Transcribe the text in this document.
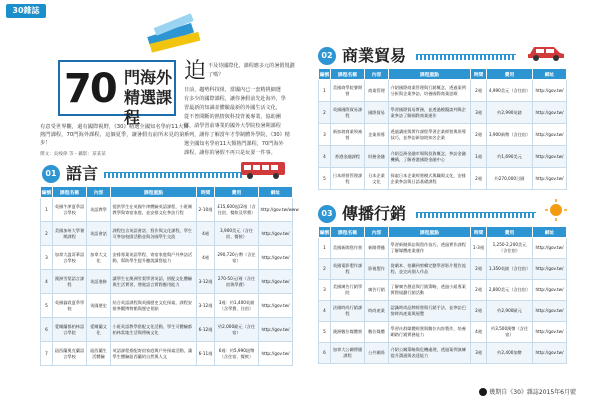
30雜誌
70 門海外
精選課程
有意受世界觀，還有國際視野，《30》精選全國知名學府11大類熱門課程，70門海外課程，這個夏季，讓暑假有前所未見的第一步！
撰文：吳峻偉 等・攝影：某某某
迫 不及待國際化，課程應多元的暑假規劃
了嗎？
日前，趨勢科技組，當國內已一套精挑細選
有多少的國際課程，讓你暑假前先赴海外，學
習最新的知識並體驗最新的外國生活文化，
從不曾間斷的熱情與科技背後專業，協助團
隊，請學習前專業的國外大學院校暑期課程
系列，讓你了解當年才學制體外學院，《30》精
選全國知名學府11大類熱門課程，70門海外
課程，讓你的暑假不再只是玩耍一件事。
01 語言
編號	課程名稱	內容	課程重點	時間	費用	網址
1	英國牛津夏季語言學校	英語教學	提供學生在英國牛津體驗英語課程，小班制教學與寄宿家庭，並安排文化參訪行程	2-10週	£15,600起/2週（含住宿、餐飲及學費）	http://gov.tw/www
2	美國加州大學暑期課程	英語會話	課程包含英語會話、寫作與文化課程，學生可參加校園活動並與各國學生交流	4週	3,900美元（含住宿、餐飲）	http://gov.tw/
3	加拿大溫哥華語言學校	加拿大文化	安排專業英語學程、寄宿家庭與戶外參訪活動，幫助學生提升聽說讀寫能力	4週	290,720台幣（含住宿）	http://gov.tw/
4	澳洲雪梨語言課程	英語進修	讓學生在澳洲雪梨學習英語，搭配文化體驗與生活實習，增進語言實際應用能力	3-12週	270-50元/週（含住宿與學費）	http://gov.tw/
5	英國倫敦夏季學校	英國歷史	結合英語課程與英國歷史文化探索，課程安排參觀博物館與歷史景點	3-12週	3週：約1,400英鎊（含學費、住宿）	http://gov.tw/
6	愛爾蘭都柏林語言學院	愛爾蘭文化	小班英語教學搭配文化活動，學生可體驗都柏林當地生活與傳統文化	6-12週	約2,000歐元（含住宿）	http://gov.tw/
7	紐西蘭奧克蘭語言學校	紐西蘭生活體驗	英語課程搭配寄宿家庭與戶外探索活動，讓學生體驗紐西蘭的自然與人文	6-11週	6週：約5,990紐幣（含住宿、餐飲）	http://gov.tw/
02 商業貿易
編號	課程名稱	內容	課程重點	時間	費用	網址
1	美國商學院暑期營	商業管理	介紹國際商業管理與行銷概念，透過案例分析與企業參訪，培養國際商業思維	2週	4,990美元（含住宿）	http://gov.tw/
2	英國國際貿易課程	國際貿易	學習國際貿易實務，並透過模擬談判與企業參訪了解國際商業運作	3週	約2,990英鎊	http://gov.tw/
3	新加坡商業領袖營	企業領導	透過講座與實作課程學習企業經營與領導技巧，並參訪新加坡知名企業	2週	3,900新幣（含住宿）	http://gov.tw/
4	香港金融課程	財務金融	介紹亞洲金融市場與投資概念，參訪金融機構，了解香港國際金融中心	1週	約1,690美元	http://gov.tw/
5	日本經營管理課程	日本企業文化	探索日本企業經營模式與職場文化，安排企業參訪與日語基礎課程	2週	約270,000日圓	http://gov.tw/
03 傳播行銷
編號	課程名稱	內容	課程重點	時間	費用	網址
1	美國新聞寫作營	新聞傳播	學習新聞採訪與寫作技巧，透過實作課程了解媒體產業運作	1-3週	1,250-2,200美元（含住宿）	http://gov.tw/
2	英國電影製作課程	影視製作	從劇本、拍攝到剪輯完整學習影片製作流程，並完成個人作品	2週	1,350英鎊（含住宿）	http://gov.tw/
3	美國廣告行銷學院	廣告行銷	了解廣告創意與行銷策略，透過小組專案實際規劃行銷活動	2週	2,800美元（含住宿）	http://gov.tw/
4	法國時尚行銷課程	時尚產業	認識時尚品牌經營與行銷手法，並參訪巴黎時尚產業與展覽	2週	約2,900歐元	http://gov.tw/
5	澳洲數位媒體營	數位媒體	學習社群媒體經營與數位內容製作，培養網路行銷實務能力	4週	約3,500澳幣（含住宿）	http://gov.tw/
6	加拿大公關傳播課程	公共關係	介紹公關策略與危機處理，透過案例演練提升溝通與表達能力	3週	約2,400加幣	http://gov.tw/
幾期自《30》雜誌2015年6月號
